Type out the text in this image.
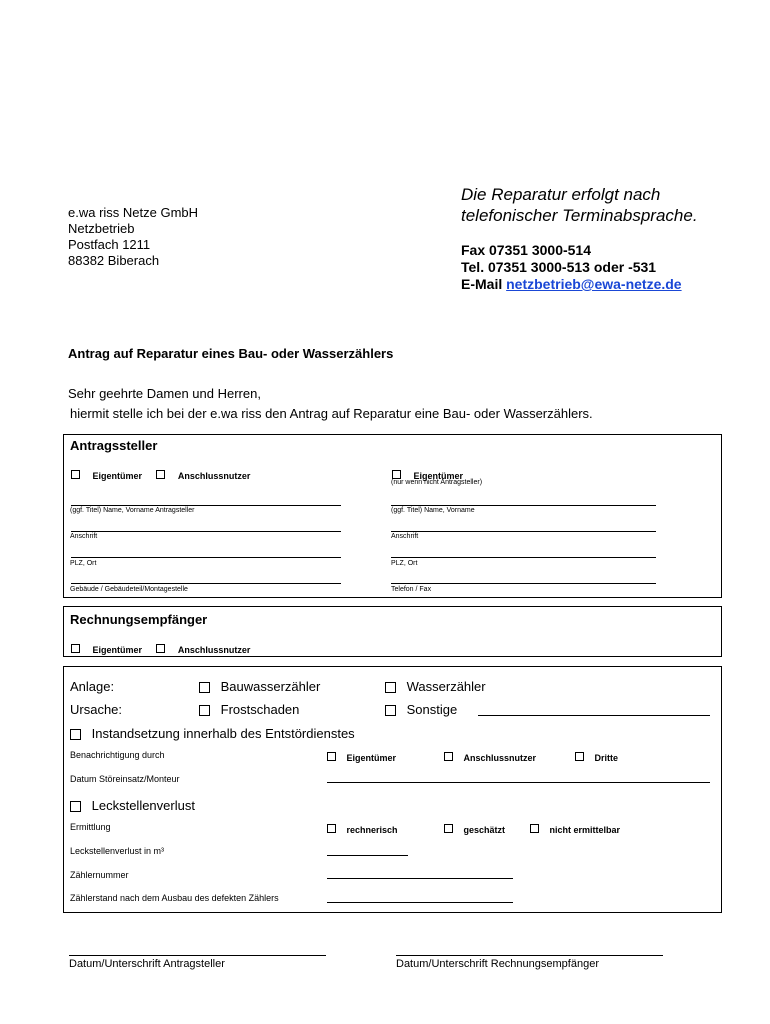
e.wa riss Netze GmbH
Netzbetrieb
Postfach 1211
88382 Biberach
Die Reparatur erfolgt nach
telefonischer Terminabsprache.
Fax 07351 3000-514
Tel. 07351 3000-513 oder -531
E-Mail netzbetrieb@ewa-netze.de
Antrag auf Reparatur eines Bau- oder Wasserzählers
Sehr geehrte Damen und Herren,
hiermit stelle ich bei der e.wa riss den Antrag auf Reparatur eine Bau- oder Wasserzählers.
Antragssteller
Eigentümer	Anschlussnutzer	Eigentümer
(nur wenn nicht Antragsteller)
(ggf. Titel) Name, Vorname Antragsteller
Anschrift
PLZ, Ort
Gebäude / Gebäudeteil/Montagestelle
(ggf. Titel) Name, Vorname
Anschrift
PLZ, Ort
Telefon / Fax
Rechnungsempfänger
Eigentümer	Anschlussnutzer
Anlage:	Bauwasserzähler	Wasserzähler
Ursache:	Frostschaden	Sonstige
Instandsetzung innerhalb des Entstördienstes
Benachrichtigung durch	Eigentümer	Anschlussnutzer	Dritte
Datum Störeinsatz/Monteur
Leckstellenverlust
Ermittlung	rechnerisch	geschätzt	nicht ermittelbar
Leckstellenverlust in m³
Zählernummer
Zählerstand nach dem Ausbau des defekten Zählers
Datum/Unterschrift Antragsteller	Datum/Unterschrift Rechnungsempfänger
